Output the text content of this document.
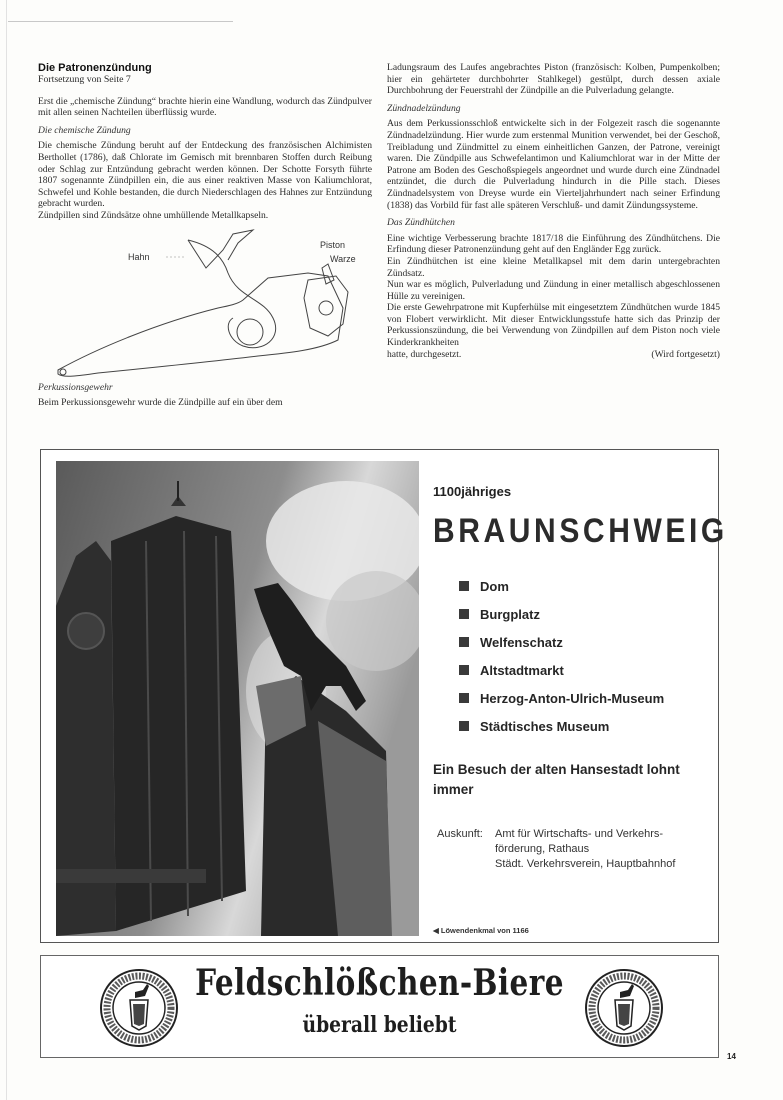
Die Patronenzündung
Fortsetzung von Seite 7

Erst die „chemische Zündung“ brachte hierin eine Wandlung, wodurch das Zündpulver mit allen seinen Nachteilen überflüssig wurde.

Die chemische Zündung

Die chemische Zündung beruht auf der Entdeckung des französischen Alchimisten Berthollet (1786), daß Chlorate im Gemisch mit brennbaren Stoffen durch Reibung oder Schlag zur Entzündung gebracht werden können. Der Schotte Forsyth führte 1807 sogenannte Zündpillen ein, die aus einer reaktiven Masse von Kaliumchlorat, Schwefel und Kohle bestanden, die durch Niederschlagen des Hahnes zur Entzündung gebracht wurden.

Zündpillen sind Zündsätze ohne umhüllende Metallkapseln.

Hahn
Piston
Warze
Perkussionsgewehr

Beim Perkussionsgewehr wurde die Zündpille auf ein über dem

Ladungsraum des Laufes angebrachtes Piston (französisch: Kolben, Pumpenkolben; hier ein gehärteter durchbohrter Stahlkegel) gestülpt, durch dessen axiale Durchbohrung der Feuerstrahl der Zündpille an die Pulverladung gelangte.

Zündnadelzündung

Aus dem Perkussionsschloß entwickelte sich in der Folgezeit rasch die sogenannte Zündnadelzündung. Hier wurde zum erstenmal Munition verwendet, bei der Geschoß, Treibladung und Zündmittel zu einem einheitlichen Ganzen, der Patrone, vereinigt waren. Die Zündpille aus Schwefelantimon und Kaliumchlorat war in der Mitte der Patrone am Boden des Geschoßspiegels angeordnet und wurde durch eine Zündnadel entzündet, die durch die Pulverladung hindurch in die Pille stach. Dieses Zündnadelsystem von Dreyse wurde ein Vierteljahrhundert nach seiner Erfindung (1838) das Vorbild für fast alle späteren Verschluß- und damit Zündungssysteme.

Das Zündhütchen

Eine wichtige Verbesserung brachte 1817/18 die Einführung des Zündhütchens. Die Erfindung dieser Patronenzündung geht auf den Engländer Egg zurück.

Ein Zündhütchen ist eine kleine Metallkapsel mit dem darin untergebrachten Zündsatz.

Nun war es möglich, Pulverladung und Zündung in einer metallisch abgeschlossenen Hülle zu vereinigen.

Die erste Gewehrpatrone mit Kupferhülse mit eingesetztem Zündhütchen wurde 1845 von Flobert verwirklicht. Mit dieser Entwicklungsstufe hatte sich das Prinzip der Perkussionszündung, die bei Verwendung von Zündpillen auf dem Piston noch viele Kinderkrankheiten

hatte, durchgesetzt.	(Wird fortgesetzt)
1100jähriges
BRAUNSCHWEIG
Dom
Burgplatz
Welfenschatz
Altstadtmarkt
Herzog-Anton-Ulrich-Museum
Städtisches Museum
Ein Besuch der alten Hansestadt lohnt immer
Auskunft:	Amt für Wirtschafts- und Verkehrs-
förderung, Rathaus
Städt. Verkehrsverein, Hauptbahnhof
◀ Löwendenkmal von 1166
Feldschlößchen-Biere
überall beliebt
14
